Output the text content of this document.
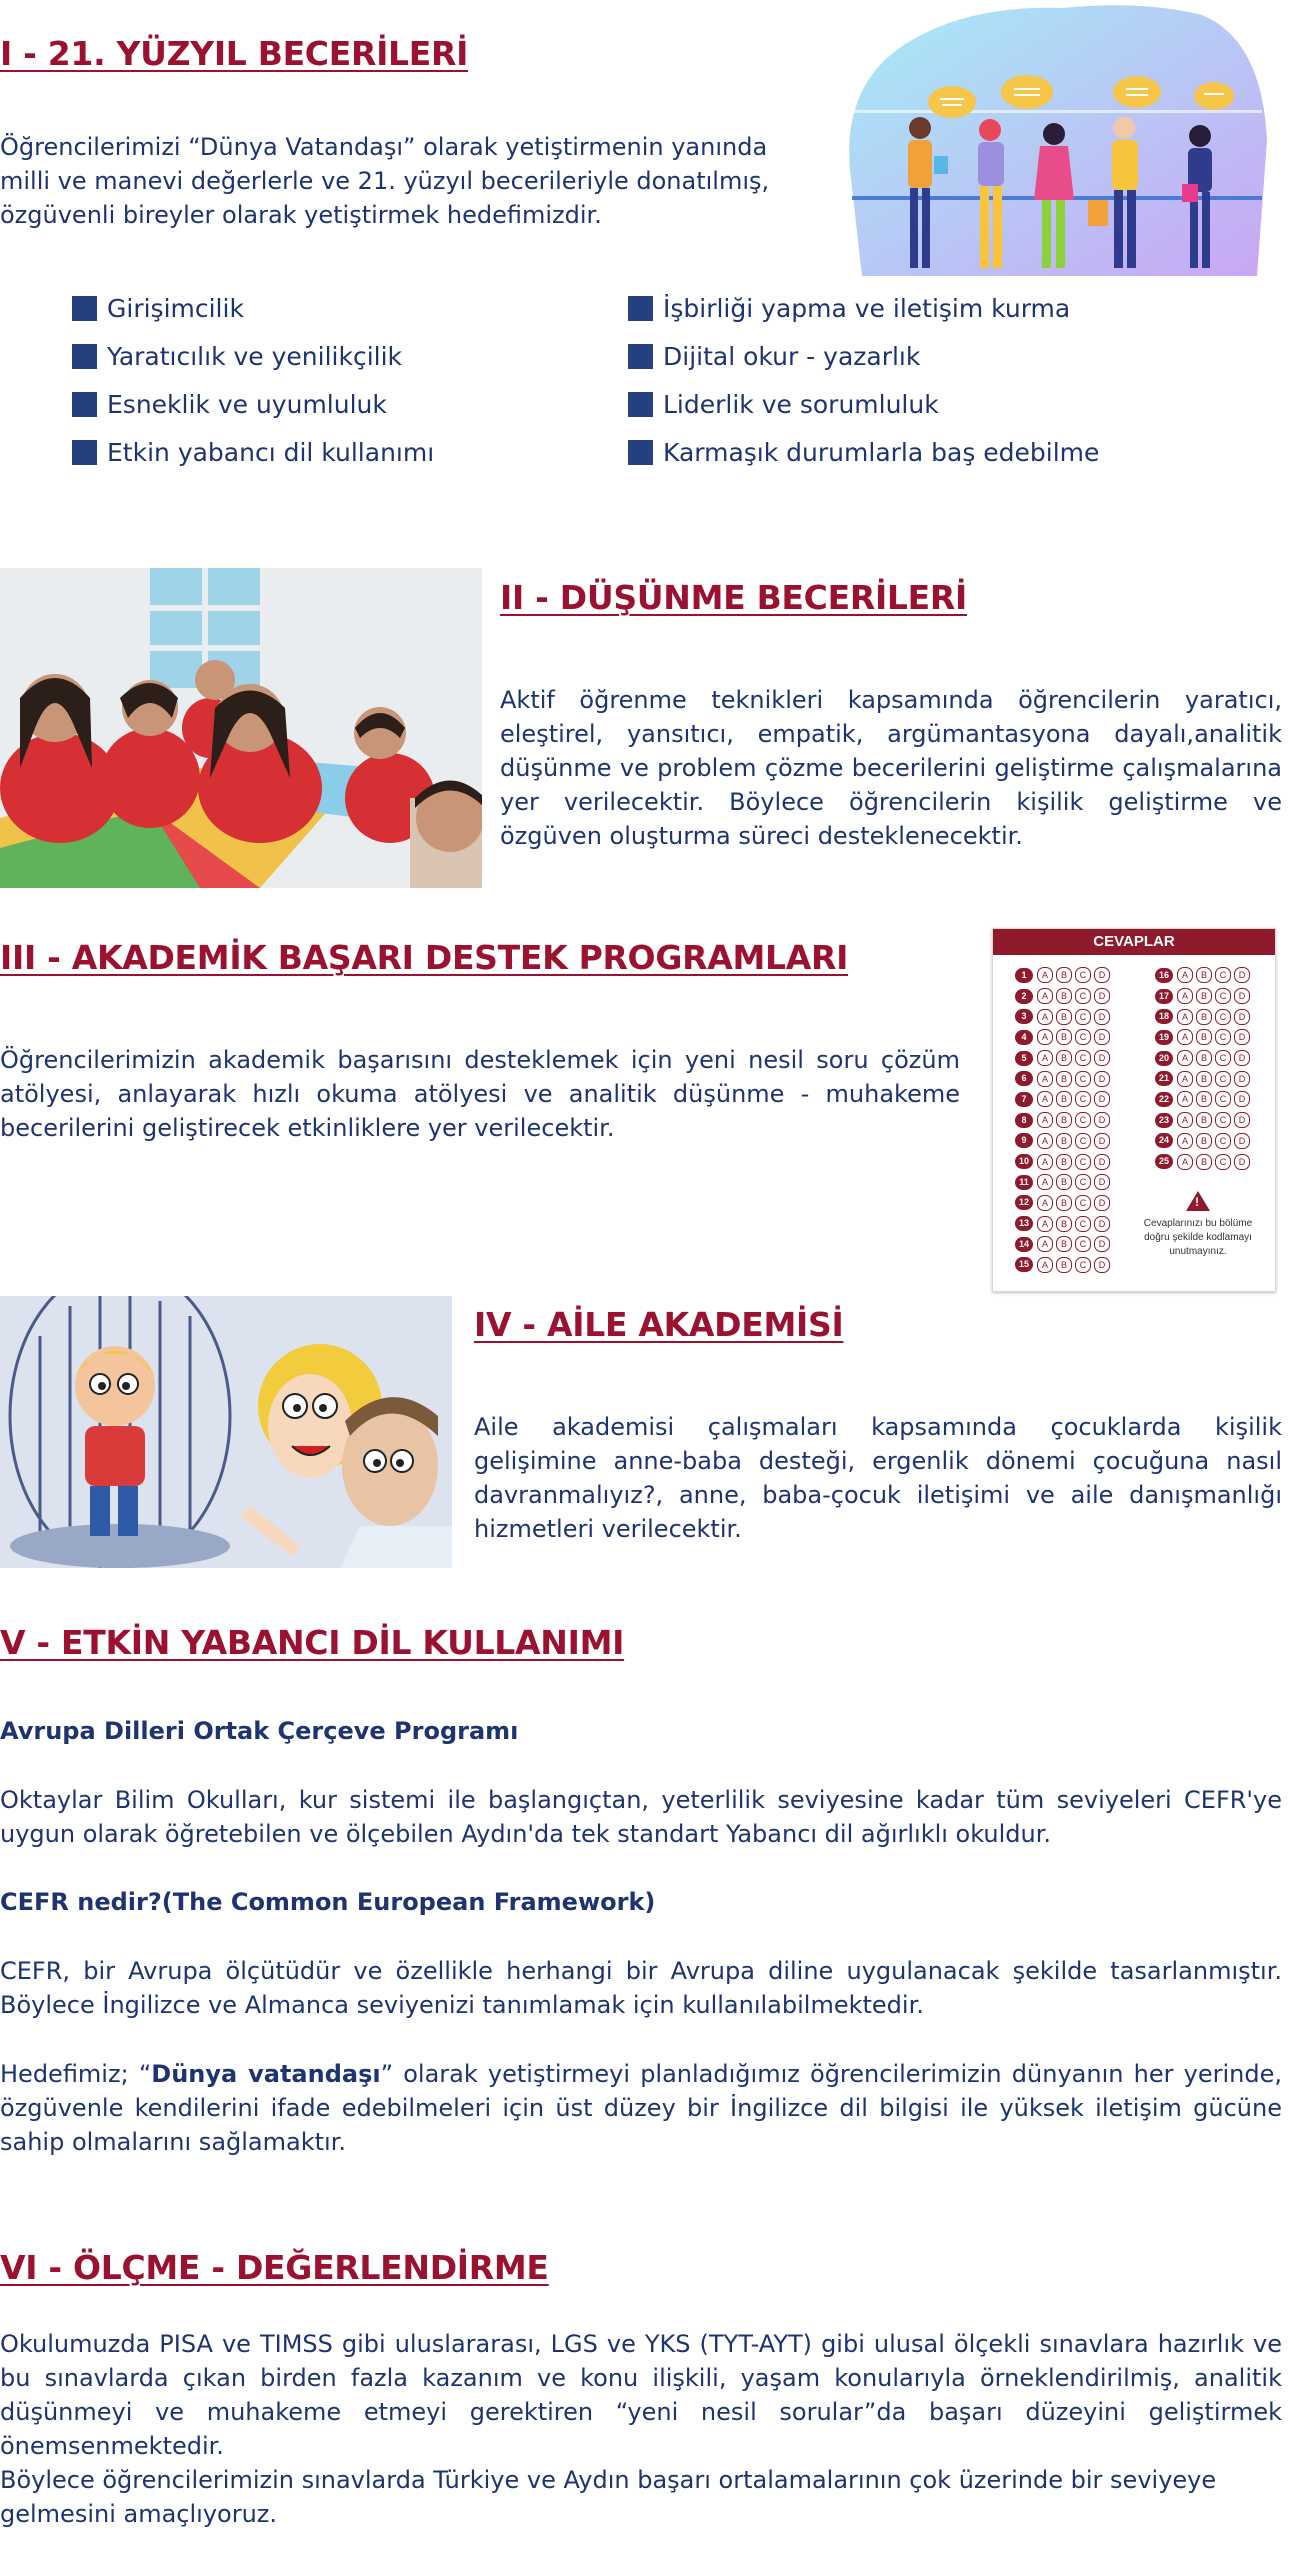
I - 21. YÜZYIL BECERİLERİ

Öğrencilerimizi “Dünya Vatandaşı” olarak yetiştirmenin yanında milli ve manevi değerlerle ve 21. yüzyıl becerileriyle donatılmış, özgüvenli bireyler olarak yetiştirmek hedefimizdir.

Girişimcilik
Yaratıcılık ve yenilikçilik
Esneklik ve uyumluluk
Etkin yabancı dil kullanımı
İşbirliği yapma ve iletişim kurma
Dijital okur - yazarlık
Liderlik ve sorumluluk
Karmaşık durumlarla baş edebilme
II - DÜŞÜNME BECERİLERİ

Aktif öğrenme teknikleri kapsamında öğrencilerin yaratıcı, eleştirel, yansıtıcı, empatik, argümantasyona dayalı,analitik düşünme ve problem çözme becerilerini geliştirme çalışmalarına yer verilecektir. Böylece öğrencilerin kişilik geliştirme ve özgüven oluşturma süreci desteklenecektir.

III - AKADEMİK BAŞARI DESTEK PROGRAMLARI

Öğrencilerimizin akademik başarısını desteklemek için yeni nesil soru çözüm atölyesi, anlayarak hızlı okuma atölyesi ve analitik düşünme - muhakeme becerilerini geliştirecek etkinliklere yer verilecektir.

CEVAPLAR
1	A	B	C	D
2	A	B	C	D
3	A	B	C	D
4	A	B	C	D
5	A	B	C	D
6	A	B	C	D
7	A	B	C	D
8	A	B	C	D
9	A	B	C	D
10	A	B	C	D
11	A	B	C	D
12	A	B	C	D
13	A	B	C	D
14	A	B	C	D
15	A	B	C	D
16	A	B	C	D
17	A	B	C	D
18	A	B	C	D
19	A	B	C	D
20	A	B	C	D
21	A	B	C	D
22	A	B	C	D
23	A	B	C	D
24	A	B	C	D
25	A	B	C	D
!
Cevaplarınızı bu bölüme
doğru şekilde kodlamayı
unutmayınız.
IV - AİLE AKADEMİSİ

Aile akademisi çalışmaları kapsamında çocuklarda kişilik gelişimine anne-baba desteği, ergenlik dönemi çocuğuna nasıl davranmalıyız?, anne, baba-çocuk iletişimi ve aile danışmanlığı hizmetleri verilecektir.

V - ETKİN YABANCI DİL KULLANIMI

Avrupa Dilleri Ortak Çerçeve Programı

Oktaylar Bilim Okulları, kur sistemi ile başlangıçtan, yeterlilik seviyesine kadar tüm seviyeleri CEFR'ye uygun olarak öğretebilen ve ölçebilen Aydın'da tek standart Yabancı dil ağırlıklı okuldur.

CEFR nedir?(The Common European Framework)

CEFR, bir Avrupa ölçütüdür ve özellikle herhangi bir Avrupa diline uygulanacak şekilde tasarlanmıştır. Böylece İngilizce ve Almanca seviyenizi tanımlamak için kullanılabilmektedir.

Hedefimiz; “Dünya vatandaşı” olarak yetiştirmeyi planladığımız öğrencilerimizin dünyanın her yerinde, özgüvenle kendilerini ifade edebilmeleri için üst düzey bir İngilizce dil bilgisi ile yüksek iletişim gücüne sahip olmalarını sağlamaktır.

VI - ÖLÇME - DEĞERLENDİRME

Okulumuzda PISA ve TIMSS gibi uluslararası, LGS ve YKS (TYT-AYT) gibi ulusal ölçekli sınavlara hazırlık ve bu sınavlarda çıkan birden fazla kazanım ve konu ilişkili, yaşam konularıyla örneklendirilmiş, analitik düşünmeyi ve muhakeme etmeyi gerektiren “yeni nesil sorular”da başarı düzeyini geliştirmek önemsenmektedir.

Böylece öğrencilerimizin sınavlarda Türkiye ve Aydın başarı ortalamalarının çok üzerinde bir seviyeye gelmesini amaçlıyoruz.
